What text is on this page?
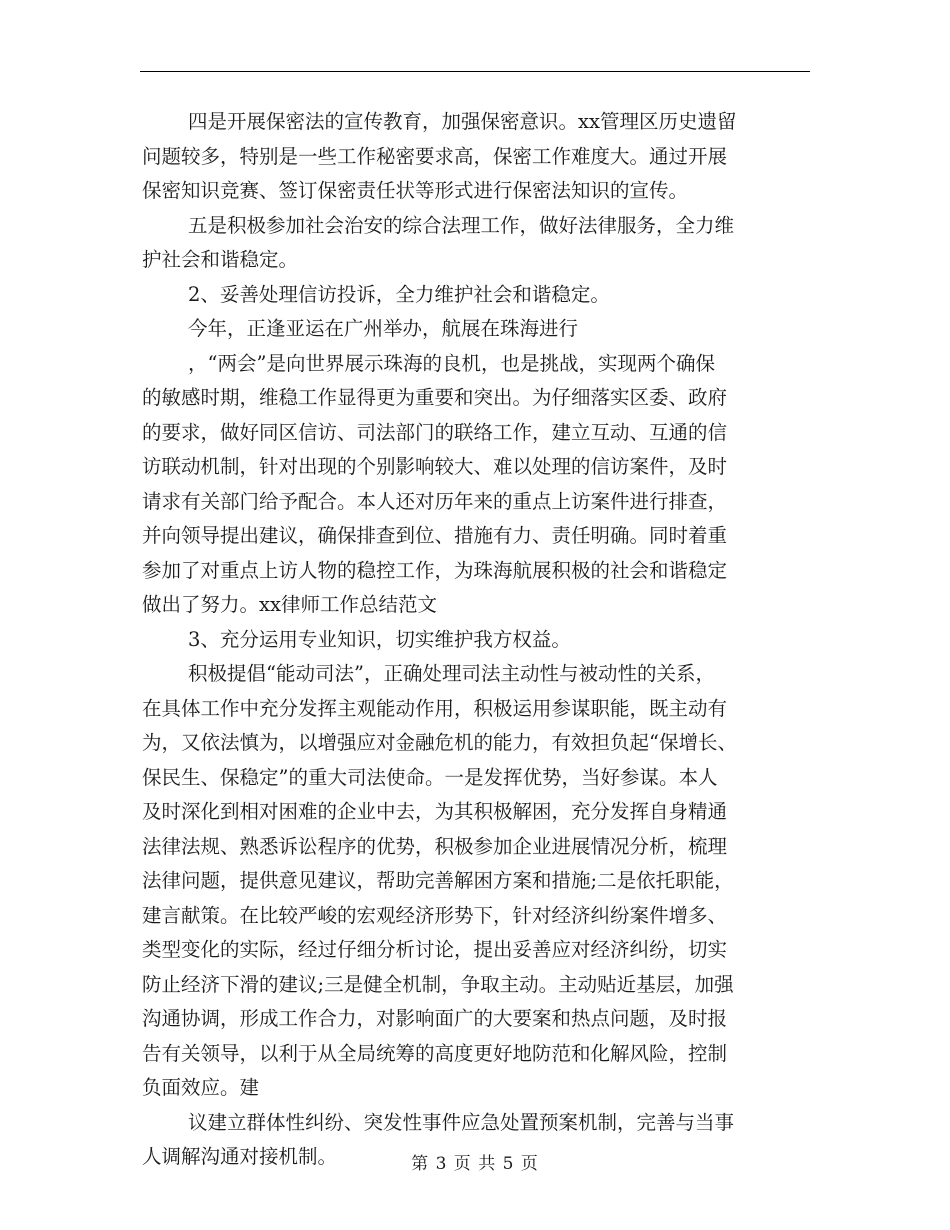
四是开展保密法的宣传教育，加强保密意识。xx管理区历史遗留
问题较多，特别是一些工作秘密要求高，保密工作难度大。通过开展
保密知识竞赛、签订保密责任状等形式进行保密法知识的宣传。
五是积极参加社会治安的综合法理工作，做好法律服务，全力维
护社会和谐稳定。
2、妥善处理信访投诉，全力维护社会和谐稳定。
今年，正逢亚运在广州举办，航展在珠海进行
，“两会”是向世界展示珠海的良机，也是挑战，实现两个确保
的敏感时期，维稳工作显得更为重要和突出。为仔细落实区委、政府
的要求，做好同区信访、司法部门的联络工作，建立互动、互通的信
访联动机制，针对出现的个别影响较大、难以处理的信访案件，及时
请求有关部门给予配合。本人还对历年来的重点上访案件进行排查，
并向领导提出建议，确保排查到位、措施有力、责任明确。同时着重
参加了对重点上访人物的稳控工作，为珠海航展积极的社会和谐稳定
做出了努力。xx律师工作总结范文
3、充分运用专业知识，切实维护我方权益。
积极提倡“能动司法”，正确处理司法主动性与被动性的关系，
在具体工作中充分发挥主观能动作用，积极运用参谋职能，既主动有
为，又依法慎为，以增强应对金融危机的能力，有效担负起“保增长、
保民生、保稳定”的重大司法使命。一是发挥优势，当好参谋。本人
及时深化到相对困难的企业中去，为其积极解困，充分发挥自身精通
法律法规、熟悉诉讼程序的优势，积极参加企业进展情况分析，梳理
法律问题，提供意见建议，帮助完善解困方案和措施;二是依托职能，
建言献策。在比较严峻的宏观经济形势下，针对经济纠纷案件增多、
类型变化的实际，经过仔细分析讨论，提出妥善应对经济纠纷，切实
防止经济下滑的建议;三是健全机制，争取主动。主动贴近基层，加强
沟通协调，形成工作合力，对影响面广的大要案和热点问题，及时报
告有关领导，以利于从全局统筹的高度更好地防范和化解风险，控制
负面效应。建
议建立群体性纠纷、突发性事件应急处置预案机制，完善与当事
人调解沟通对接机制。	第 3 页 共 5 页
